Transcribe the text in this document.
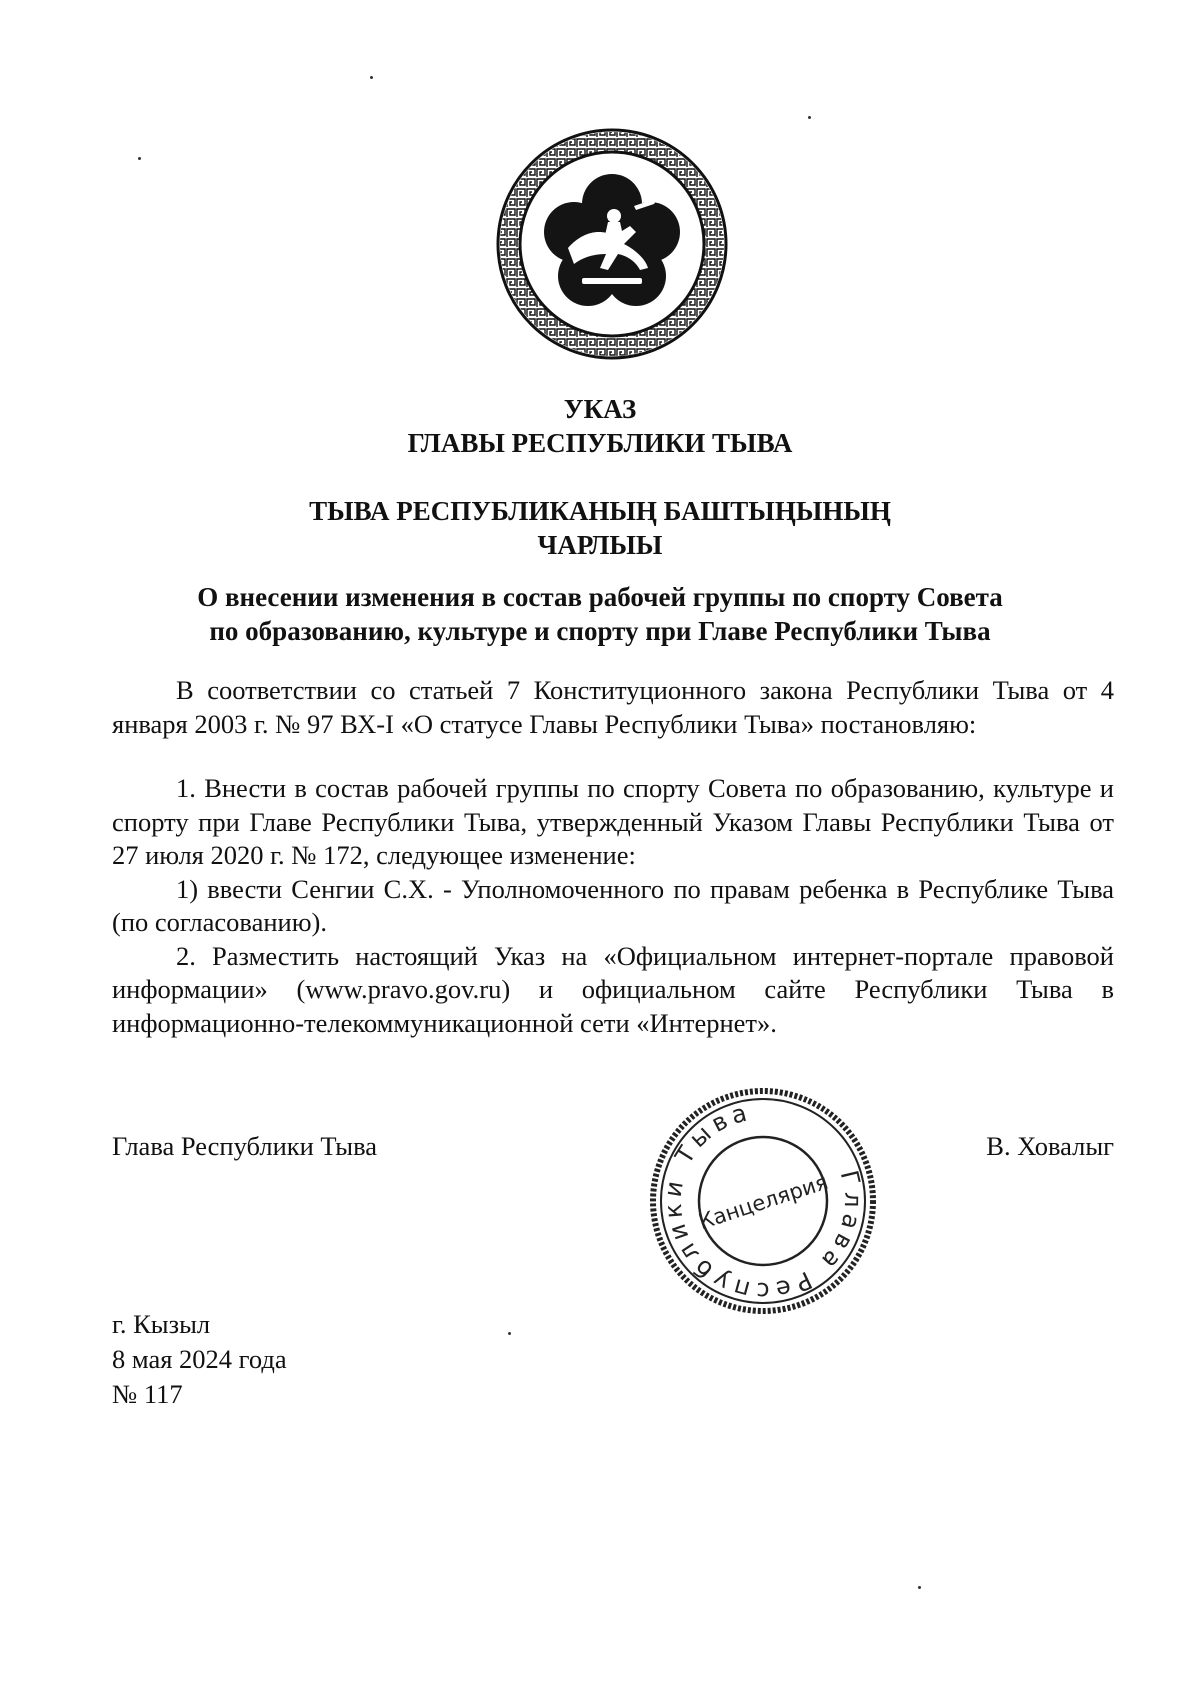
УКАЗ
ГЛАВЫ РЕСПУБЛИКИ ТЫВА
ТЫВА РЕСПУБЛИКАНЫҢ БАШТЫҢЫНЫҢ
ЧАРЛЫЫ
О внесении изменения в состав рабочей группы по спорту Совета
по образованию, культуре и спорту при Главе Республики Тыва

В соответствии со статьей 7 Конституционного закона Республики Тыва от 4 января 2003 г. № 97 ВХ-I «О статусе Главы Республики Тыва» постановляю:

1. Внести в состав рабочей группы по спорту Совета по образованию, культуре и спорту при Главе Республики Тыва, утвержденный Указом Главы Республики Тыва от 27 июля 2020 г. № 172, следующее изменение:

1) ввести Сенгии С.Х. - Уполномоченного по правам ребенка в Республике Тыва (по согласованию).

2. Разместить настоящий Указ на «Официальном интернет-портале правовой информации» (www.pravo.gov.ru) и официальном сайте Республики Тыва в информационно-телекоммуникационной сети «Интернет».

Глава Республики Тыва	В. Ховалыг
Глава Республики Тыва
Канцелярия
г. Кызыл
8 мая 2024 года
№ 117
